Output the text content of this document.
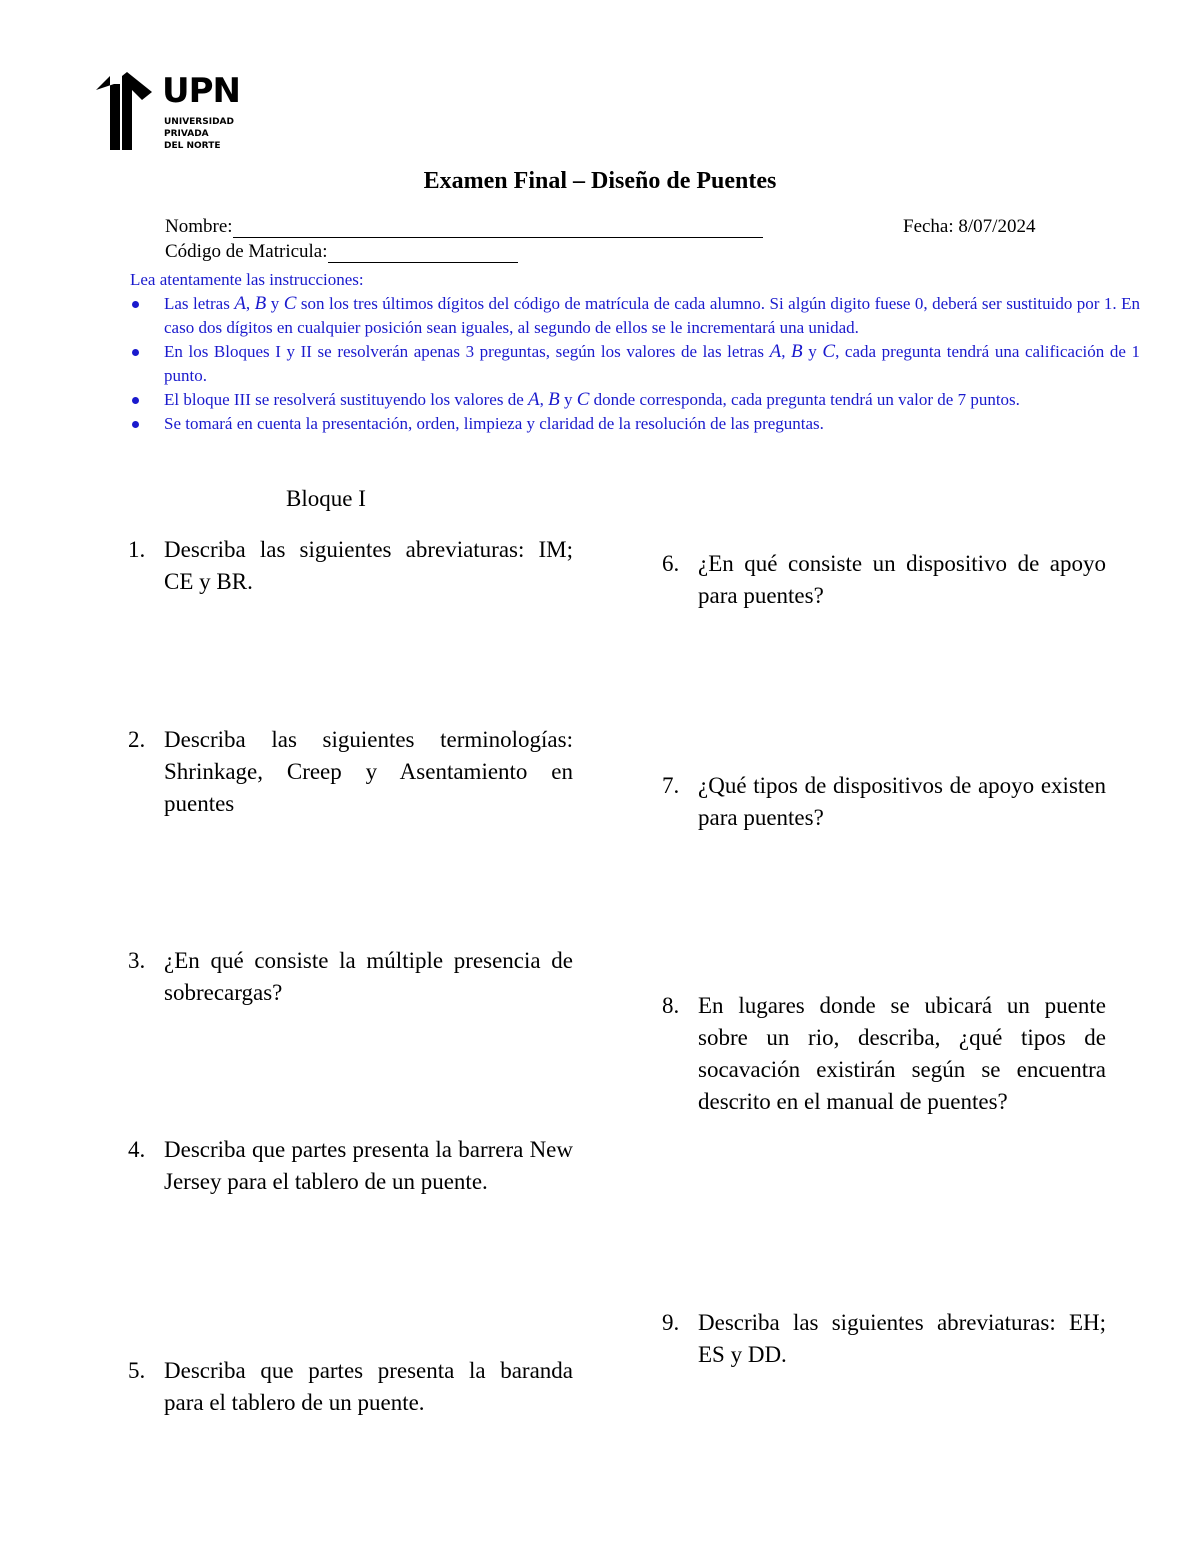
UPN
UNIVERSIDAD
PRIVADA
DEL NORTE
Examen Final – Diseño de Puentes
Nombre:	Fecha: 8/07/2024
Código de Matricula:
Lea atentamente las instrucciones:
Las letras A, B y C son los tres últimos dígitos del código de matrícula de cada alumno. Si algún digito fuese 0, deberá ser sustituido por 1. En caso dos dígitos en cualquier posición sean iguales, al segundo de ellos se le incrementará una unidad.
En los Bloques I y II se resolverán apenas 3 preguntas, según los valores de las letras A, B y C, cada pregunta tendrá una calificación de 1 punto.
El bloque III se resolverá sustituyendo los valores de A, B y C donde corresponda, cada pregunta tendrá un valor de 7 puntos.
Se tomará en cuenta la presentación, orden, limpieza y claridad de la resolución de las preguntas.
Bloque I
1. Describa las siguientes abreviaturas: IM; CE y BR.
2. Describa las siguientes terminologías: Shrinkage, Creep y Asentamiento en puentes
3. ¿En qué consiste la múltiple presencia de sobrecargas?
4. Describa que partes presenta la barrera New Jersey para el tablero de un puente.
5. Describa que partes presenta la baranda para el tablero de un puente.
6. ¿En qué consiste un dispositivo de apoyo para puentes?
7. ¿Qué tipos de dispositivos de apoyo existen para puentes?
8. En lugares donde se ubicará un puente sobre un rio, describa, ¿qué tipos de socavación existirán según se encuentra descrito en el manual de puentes?
9. Describa las siguientes abreviaturas: EH; ES y DD.
